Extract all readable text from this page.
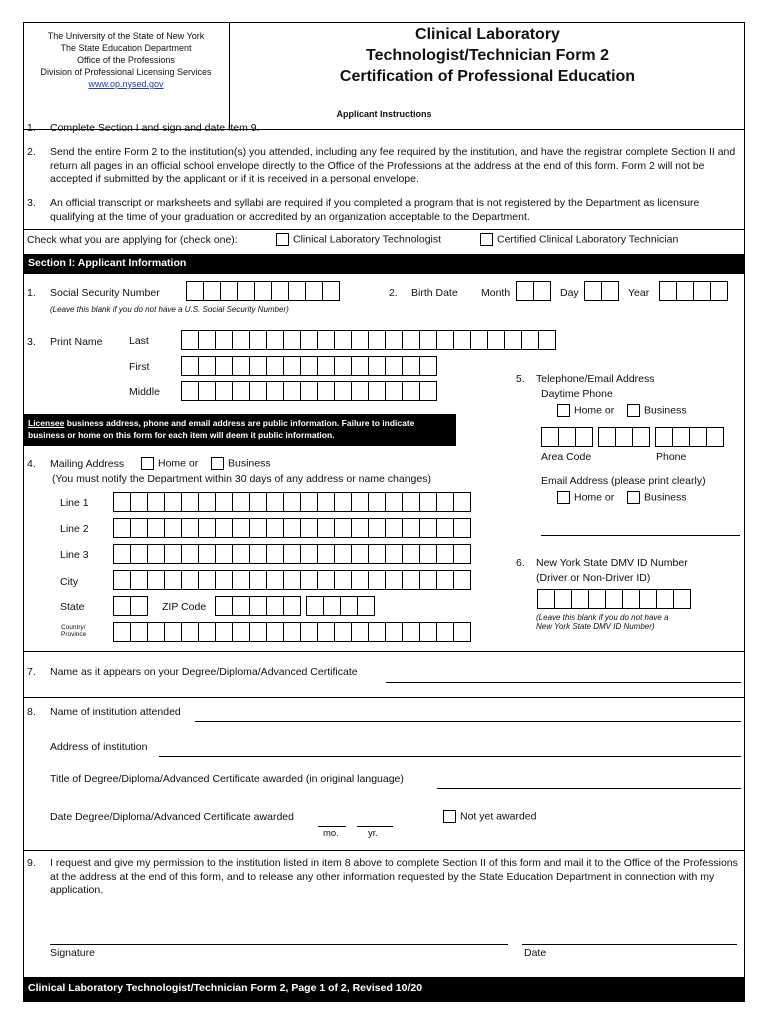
The University of the State of New York
The State Education Department
Office of the Professions
Division of Professional Licensing Services
www.op.nysed.gov
Clinical Laboratory
Technologist/Technician Form 2
Certification of Professional Education
Applicant Instructions
1. Complete Section I and sign and date item 9.
2. Send the entire Form 2 to the institution(s) you attended, including any fee required by the institution, and have the registrar complete Section II and return all pages in an official school envelope directly to the Office of the Professions at the address at the end of this form. Form 2 will not be accepted if submitted by the applicant or if it is received in a personal envelope.
3. An official transcript or marksheets and syllabi are required if you completed a program that is not registered by the Department as licensure qualifying at the time of your graduation or accredited by an organization acceptable to the Department.
Check what you are applying for (check one):	Clinical Laboratory Technologist	Certified Clinical Laboratory Technician
Section I: Applicant Information
1. Social Security Number
(Leave this blank if you do not have a U.S. Social Security Number)
2. Birth Date Month	Day	Year
3. Print Name	Last
First
Middle
Licensee business address, phone and email address are public information. Failure to indicate business or home on this form for each item will deem it public information.
4. Mailing Address	Home or	Business
(You must notify the Department within 30 days of any address or name changes)
Line 1
Line 2
Line 3
City
State	ZIP Code
Country/
Province
5. Telephone/Email Address
Daytime Phone
Home or	Business
Area Code	Phone
Email Address (please print clearly)
Home or	Business
6. New York State DMV ID Number
(Driver or Non-Driver ID)
(Leave this blank if you do not have a
New York State DMV ID Number)
7. Name as it appears on your Degree/Diploma/Advanced Certificate
8. Name of institution attended
Address of institution
Title of Degree/Diploma/Advanced Certificate awarded (in original language)
Date Degree/Diploma/Advanced Certificate awarded
mo.	yr.
Not yet awarded
9. I request and give my permission to the institution listed in item 8 above to complete Section II of this form and mail it to the Office of the Professions at the address at the end of this form, and to release any other information requested by the State Education Department in connection with my application.
Signature	Date
Clinical Laboratory Technologist/Technician Form 2, Page 1 of 2, Revised 10/20
